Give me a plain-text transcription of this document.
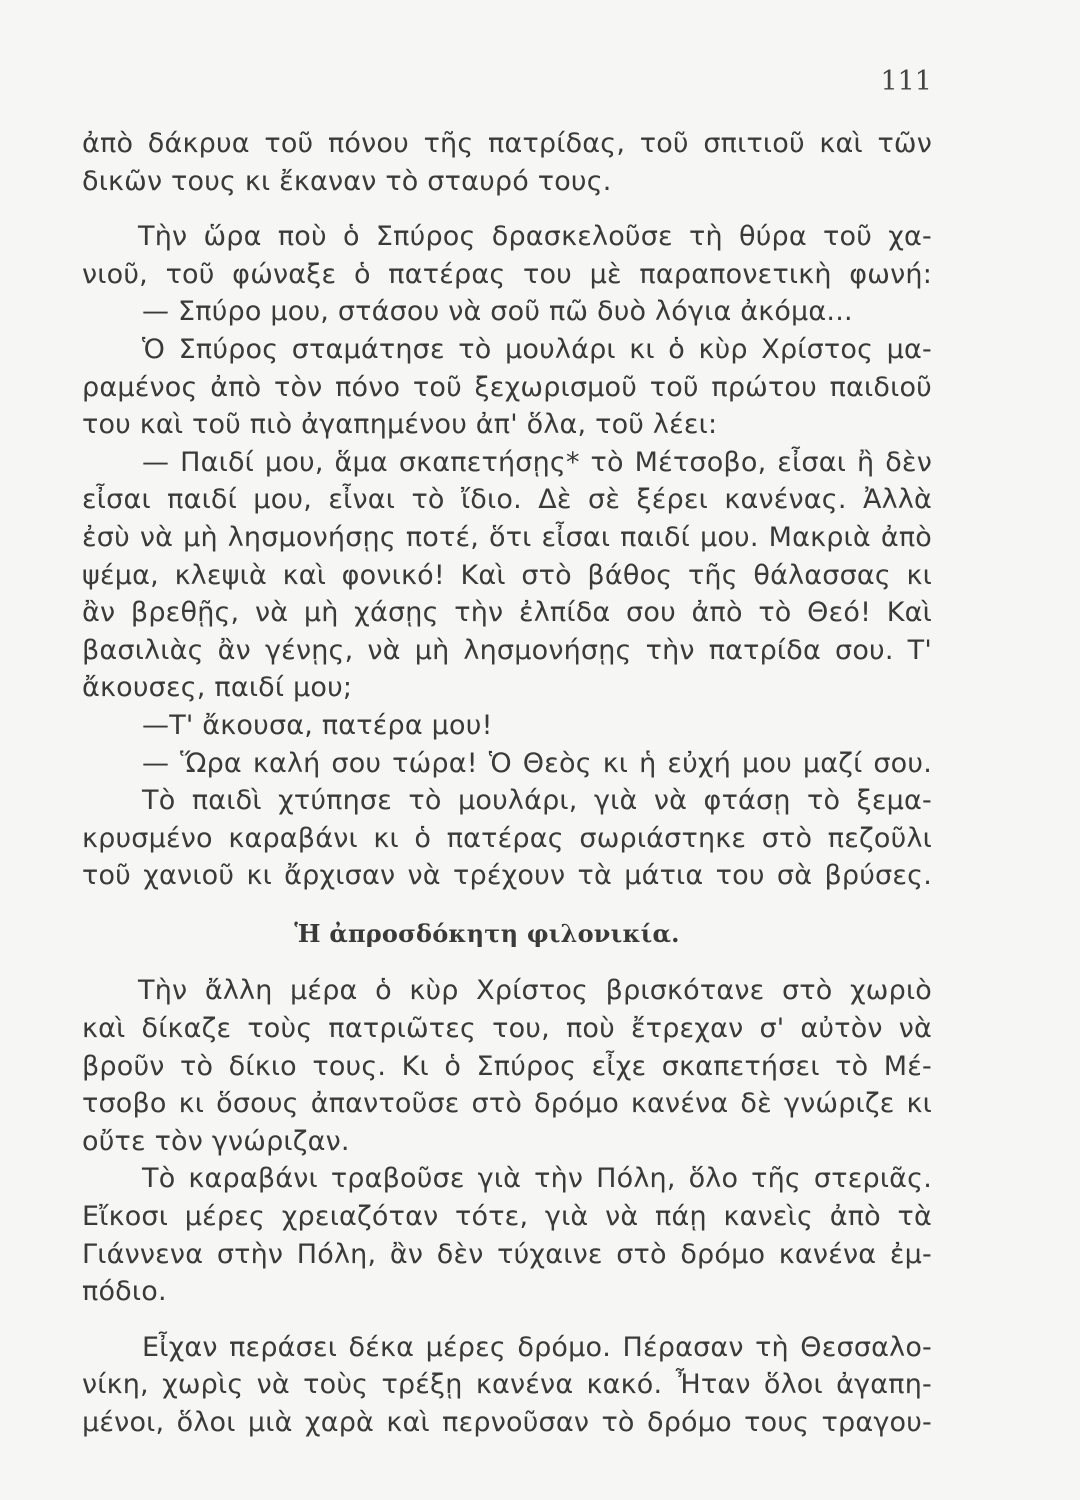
111
ἀπὸ δάκρυα τοῦ πόνου τῆς πατρίδας, τοῦ σπιτιοῦ καὶ τῶν
δικῶν τους κι ἔκαναν τὸ σταυρό τους.
Τὴν ὥρα ποὺ ὁ Σπύρος δρασκελοῦσε τὴ θύρα τοῦ χα-
νιοῦ, τοῦ φώναξε ὁ πατέρας του μὲ παραπονετικὴ φωνή:
— Σπύρο μου, στάσου νὰ σοῦ πῶ δυὸ λόγια ἀκόμα...
Ὁ Σπύρος σταμάτησε τὸ μουλάρι κι ὁ κὺρ Χρίστος μα-
ραμένος ἀπὸ τὸν πόνο τοῦ ξεχωρισμοῦ τοῦ πρώτου παιδιοῦ
του καὶ τοῦ πιὸ ἀγαπημένου ἀπ' ὅλα, τοῦ λέει:
— Παιδί μου, ἅμα σκαπετήσῃς* τὸ Μέτσοβο, εἶσαι ἢ δὲν
εἶσαι παιδί μου, εἶναι τὸ ἴδιο. Δὲ σὲ ξέρει κανένας. Ἀλλὰ
ἐσὺ νὰ μὴ λησμονήσῃς ποτέ, ὅτι εἶσαι παιδί μου. Μακριὰ ἀπὸ
ψέμα, κλεψιὰ καὶ φονικό! Καὶ στὸ βάθος τῆς θάλασσας κι
ἂν βρεθῇς, νὰ μὴ χάσῃς τὴν ἐλπίδα σου ἀπὸ τὸ Θεό! Καὶ
βασιλιὰς ἂν γένῃς, νὰ μὴ λησμονήσῃς τὴν πατρίδα σου. Τ'
ἄκουσες, παιδί μου;
—Τ' ἄκουσα, πατέρα μου!
— Ὥρα καλή σου τώρα! Ὁ Θεὸς κι ἡ εὐχή μου μαζί σου.
Τὸ παιδὶ χτύπησε τὸ μουλάρι, γιὰ νὰ φτάσῃ τὸ ξεμα-
κρυσμένο καραβάνι κι ὁ πατέρας σωριάστηκε στὸ πεζοῦλι
τοῦ χανιοῦ κι ἄρχισαν νὰ τρέχουν τὰ μάτια του σὰ βρύσες.
Ἡ ἀπροσδόκητη φιλονικία.
Τὴν ἄλλη μέρα ὁ κὺρ Χρίστος βρισκότανε στὸ χωριὸ
καὶ δίκαζε τοὺς πατριῶτες του, ποὺ ἔτρεχαν σ' αὐτὸν νὰ
βροῦν τὸ δίκιο τους. Κι ὁ Σπύρος εἶχε σκαπετήσει τὸ Μέ-
τσοβο κι ὅσους ἀπαντοῦσε στὸ δρόμο κανένα δὲ γνώριζε κι
οὔτε τὸν γνώριζαν.
Τὸ καραβάνι τραβοῦσε γιὰ τὴν Πόλη, ὅλο τῆς στεριᾶς.
Εἴκοσι μέρες χρειαζόταν τότε, γιὰ νὰ πάῃ κανεὶς ἀπὸ τὰ
Γιάννενα στὴν Πόλη, ἂν δὲν τύχαινε στὸ δρόμο κανένα ἐμ-
πόδιο.
Εἶχαν περάσει δέκα μέρες δρόμο. Πέρασαν τὴ Θεσσαλο-
νίκη, χωρὶς νὰ τοὺς τρέξῃ κανένα κακό. Ἦταν ὅλοι ἀγαπη-
μένοι, ὅλοι μιὰ χαρὰ καὶ περνοῦσαν τὸ δρόμο τους τραγου-
